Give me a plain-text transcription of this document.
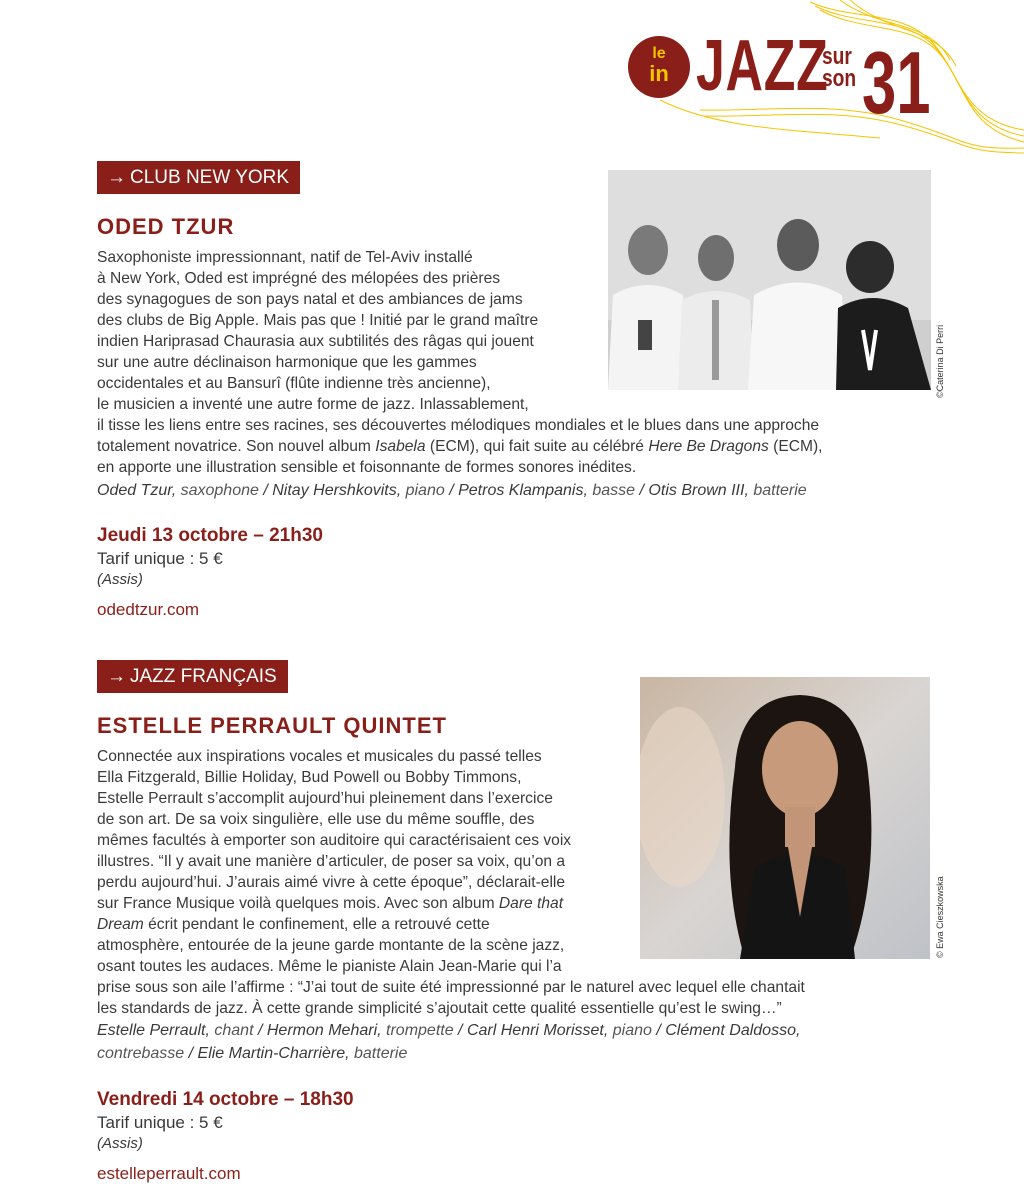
le
in JAZZ
sur
son 31
→ CLUB NEW YORK
ODED TZUR
©Caterina Di Perri
Saxophoniste impressionnant, natif de Tel-Aviv installé
à New York, Oded est imprégné des mélopées des prières
des synagogues de son pays natal et des ambiances de jams
des clubs de Big Apple. Mais pas que ! Initié par le grand maître
indien Hariprasad Chaurasia aux subtilités des râgas qui jouent
sur une autre déclinaison harmonique que les gammes
occidentales et au Bansurî (flûte indienne très ancienne),
le musicien a inventé une autre forme de jazz. Inlassablement,
il tisse les liens entre ses racines, ses découvertes mélodiques mondiales et le blues dans une approche
totalement novatrice. Son nouvel album Isabela (ECM), qui fait suite au célébré Here Be Dragons (ECM),
en apporte une illustration sensible et foisonnante de formes sonores inédites.
Oded Tzur, saxophone / Nitay Hershkovits, piano / Petros Klampanis, basse / Otis Brown III, batterie
Jeudi 13 octobre – 21h30
Tarif unique : 5 €
(Assis)
odedtzur.com
→ JAZZ FRANÇAIS
ESTELLE PERRAULT QUINTET
© Ewa Cieszkowska
Connectée aux inspirations vocales et musicales du passé telles
Ella Fitzgerald, Billie Holiday, Bud Powell ou Bobby Timmons,
Estelle Perrault s’accomplit aujourd’hui pleinement dans l’exercice
de son art. De sa voix singulière, elle use du même souffle, des
mêmes facultés à emporter son auditoire qui caractérisaient ces voix
illustres. “Il y avait une manière d’articuler, de poser sa voix, qu’on a
perdu aujourd’hui. J’aurais aimé vivre à cette époque”, déclarait-elle
sur France Musique voilà quelques mois. Avec son album Dare that
Dream écrit pendant le confinement, elle a retrouvé cette
atmosphère, entourée de la jeune garde montante de la scène jazz,
osant toutes les audaces. Même le pianiste Alain Jean-Marie qui l’a
prise sous son aile l’affirme : “J’ai tout de suite été impressionné par le naturel avec lequel elle chantait
les standards de jazz. À cette grande simplicité s’ajoutait cette qualité essentielle qu’est le swing…”
Estelle Perrault, chant / Hermon Mehari, trompette / Carl Henri Morisset, piano / Clément Daldosso,
contrebasse / Elie Martin-Charrière, batterie
Vendredi 14 octobre – 18h30
Tarif unique : 5 €
(Assis)
estelleperrault.com
